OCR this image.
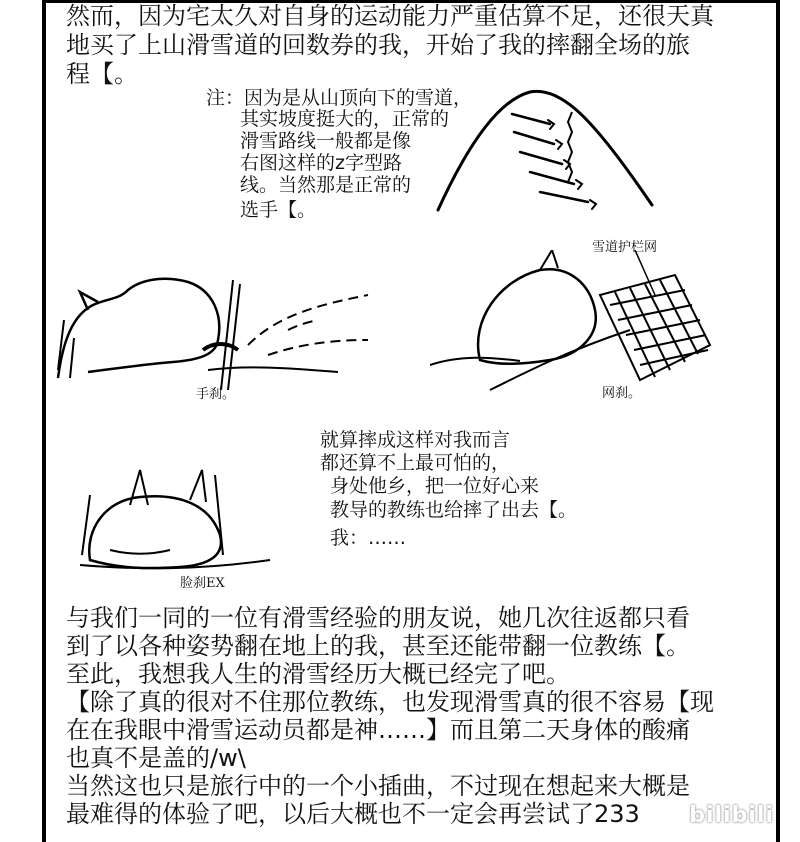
然而，因为宅太久对自身的运动能力严重估算不足，还很天真

地买了上山滑雪道的回数券的我，开始了我的摔翻全场的旅

程【。

注：因为是从山顶向下的雪道，

其实坡度挺大的，正常的

滑雪路线一般都是像

右图这样的z字型路

线。当然那是正常的

选手【。

手刹。
雪道护栏网
网刹。
脸刹EX

就算摔成这样对我而言

都还算不上最可怕的，

身处他乡，把一位好心来

教导的教练也给摔了出去【。

我：……

与我们一同的一位有滑雪经验的朋友说，她几次往返都只看

到了以各种姿势翻在地上的我，甚至还能带翻一位教练【。

至此，我想我人生的滑雪经历大概已经完了吧。

【除了真的很对不住那位教练，也发现滑雪真的很不容易【现

在在我眼中滑雪运动员都是神……】而且第二天身体的酸痛

也真不是盖的/w\

当然这也只是旅行中的一个小插曲，不过现在想起来大概是

最难得的体验了吧，以后大概也不一定会再尝试了233 bilibili
